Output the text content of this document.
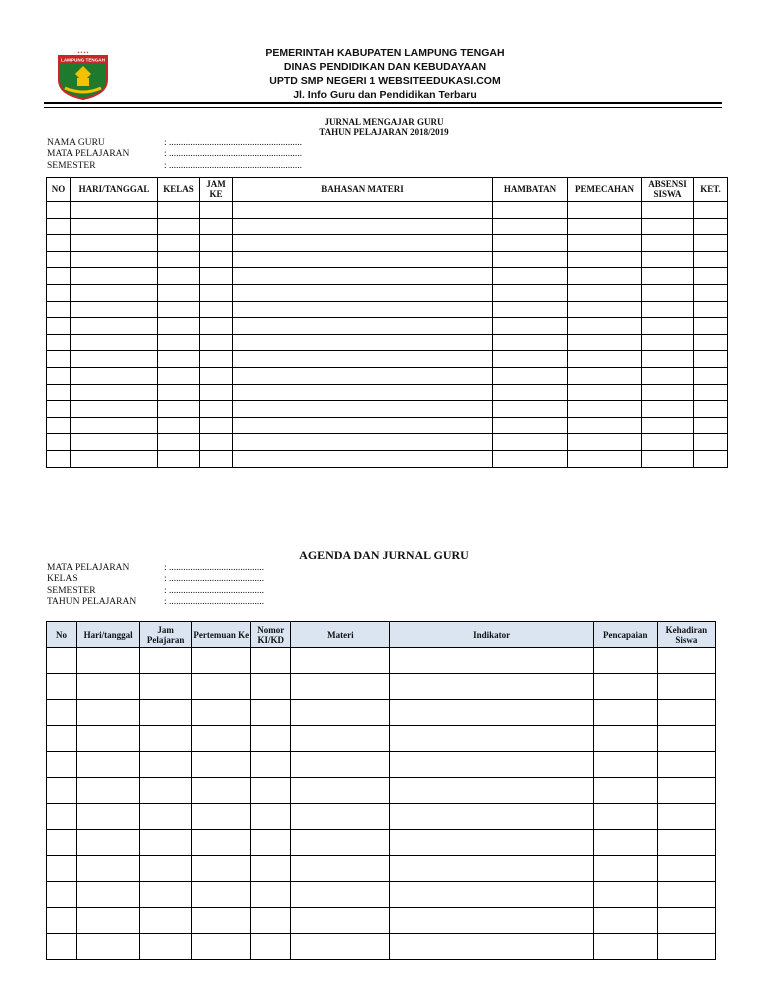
* * * *
LAMPUNG TENGAH
PEMERINTAH KABUPATEN LAMPUNG TENGAH
DINAS PENDIDIKAN DAN KEBUDAYAAN
UPTD SMP NEGERI 1 WEBSITEEDUKASI.COM
Jl. Info Guru dan Pendidikan Terbaru
JURNAL MENGAJAR GURU
TAHUN PELAJARAN 2018/2019
NAMA GURU	: ........................................................
MATA PELAJARAN	: ........................................................
SEMESTER	: ........................................................
NO	HARI/TANGGAL	KELAS	JAM KE	BAHASAN MATERI	HAMBATAN	PEMECAHAN	ABSENSI SISWA	KET.

AGENDA DAN JURNAL GURU
MATA PELAJARAN	: ........................................
KELAS	: ........................................
SEMESTER	: ........................................
TAHUN PELAJARAN	: ........................................
No	Hari/tanggal	Jam Pelajaran	Pertemuan Ke	Nomor KI/KD	Materi	Indikator	Pencapaian	Kehadiran Siswa
